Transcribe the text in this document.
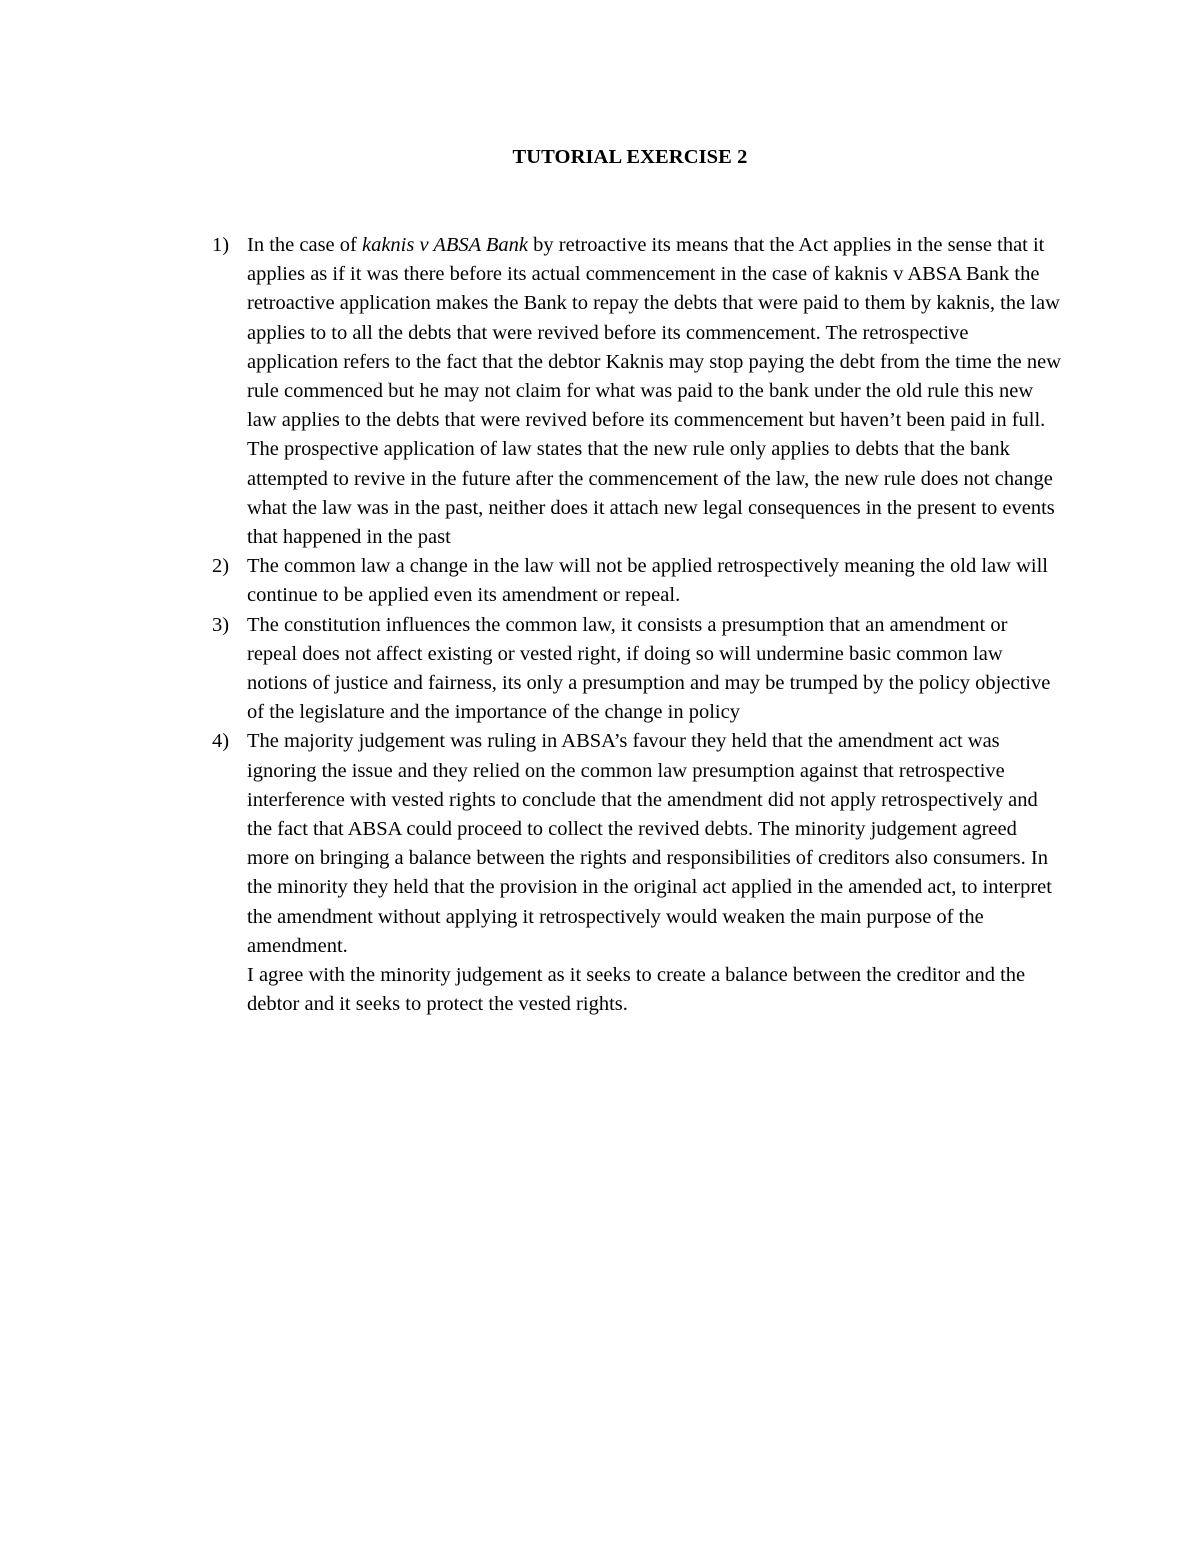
TUTORIAL EXERCISE 2
1) In the case of kaknis v ABSA Bank by retroactive its means that the Act applies in the sense that it applies as if it was there before its actual commencement in the case of kaknis v ABSA Bank the retroactive application makes the Bank to repay the debts that were paid to them by kaknis, the law applies to to all the debts that were revived before its commencement. The retrospective application refers to the fact that the debtor Kaknis may stop paying the debt from the time the new rule commenced but he may not claim for what was paid to the bank under the old rule this new law applies to the debts that were revived before its commencement but haven’t been paid in full. The prospective application of law states that the new rule only applies to debts that the bank attempted to revive in the future after the commencement of the law, the new rule does not change what the law was in the past, neither does it attach new legal consequences in the present to events that happened in the past
2) The common law a change in the law will not be applied retrospectively meaning the old law will continue to be applied even its amendment or repeal.
3) The constitution influences the common law, it consists a presumption that an amendment or repeal does not affect existing or vested right, if doing so will undermine basic common law notions of justice and fairness, its only a presumption and may be trumped by the policy objective of the legislature and the importance of the change in policy
4) The majority judgement was ruling in ABSA’s favour they held that the amendment act was ignoring the issue and they relied on the common law presumption against that retrospective interference with vested rights to conclude that the amendment did not apply retrospectively and the fact that ABSA could proceed to collect the revived debts. The minority judgement agreed more on bringing a balance between the rights and responsibilities of creditors also consumers. In the minority they held that the provision in the original act applied in the amended act, to interpret the amendment without applying it retrospectively would weaken the main purpose of the amendment.
I agree with the minority judgement as it seeks to create a balance between the creditor and the debtor and it seeks to protect the vested rights.
